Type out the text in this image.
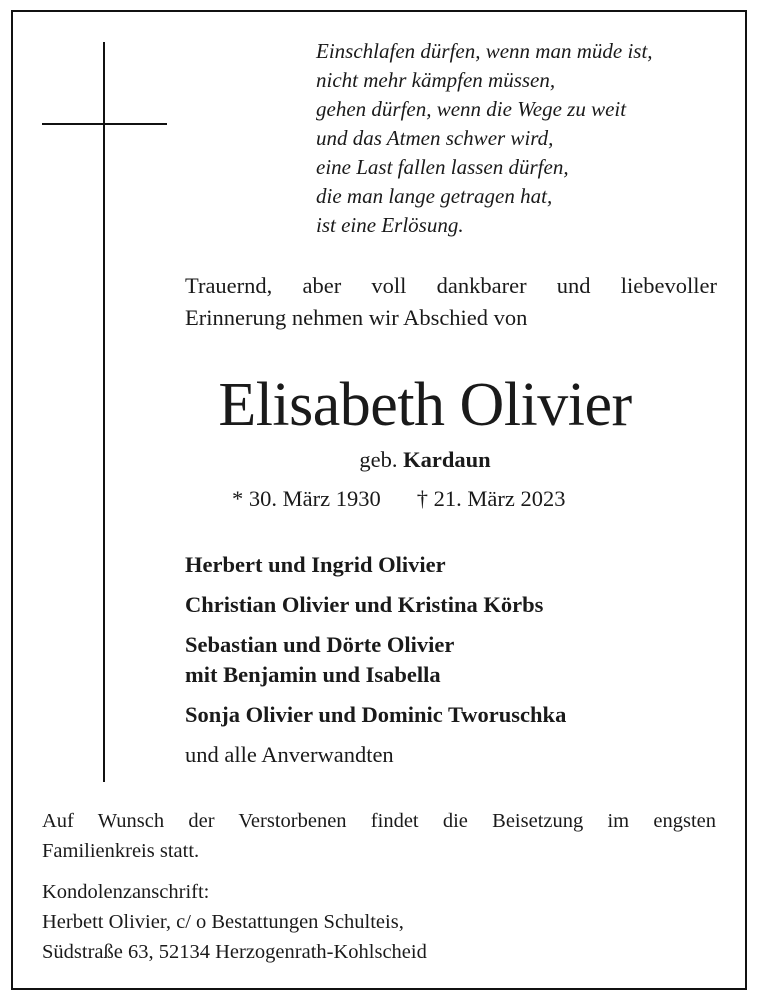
Einschlafen dürfen, wenn man müde ist,
nicht mehr kämpfen müssen,
gehen dürfen, wenn die Wege zu weit
und das Atmen schwer wird,
eine Last fallen lassen dürfen,
die man lange getragen hat,
ist eine Erlösung.
Trauernd, aber voll dankbarer und liebevoller
Erinnerung nehmen wir Abschied von
Elisabeth Olivier
geb. Kardaun
* 30. März 1930 † 21. März 2023
Herbert und Ingrid Olivier
Christian Olivier und Kristina Körbs
Sebastian und Dörte Olivier
mit Benjamin und Isabella
Sonja Olivier und Dominic Tworuschka
und alle Anverwandten
Auf Wunsch der Verstorbenen findet die Beisetzung im engsten
Familienkreis statt.
Kondolenzanschrift:
Herbett Olivier, c/ o Bestattungen Schulteis,
Südstraße 63, 52134 Herzogenrath-Kohlscheid
